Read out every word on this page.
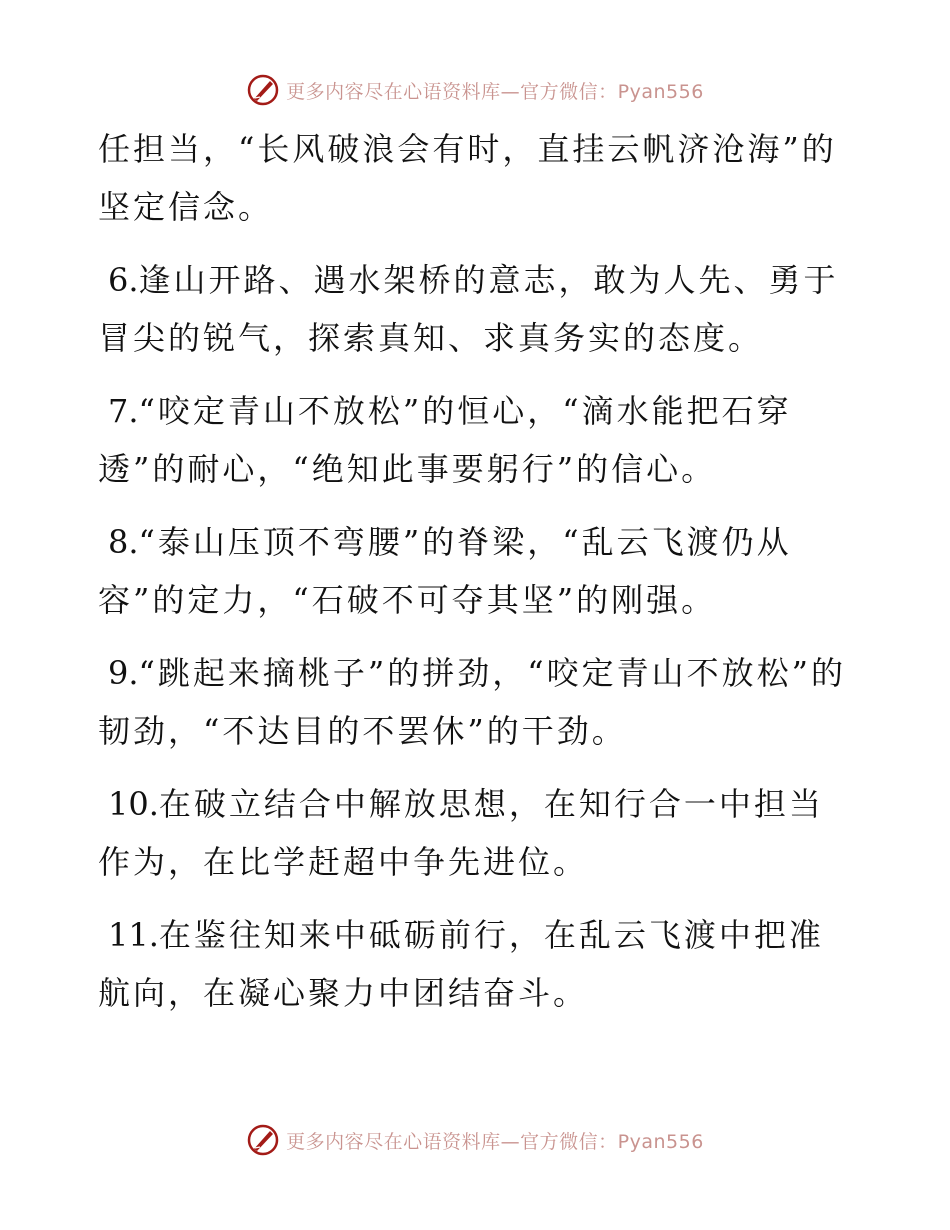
更多内容尽在心语资料库—官方微信：Pyan556

任担当，“长风破浪会有时，直挂云帆济沧海”的坚定信念。

6.逢山开路、遇水架桥的意志，敢为人先、勇于冒尖的锐气，探索真知、求真务实的态度。

7.“咬定青山不放松”的恒心，“滴水能把石穿透”的耐心，“绝知此事要躬行”的信心。

8.“泰山压顶不弯腰”的脊梁，“乱云飞渡仍从容”的定力，“石破不可夺其坚”的刚强。

9.“跳起来摘桃子”的拼劲，“咬定青山不放松”的韧劲，“不达目的不罢休”的干劲。

10.在破立结合中解放思想，在知行合一中担当作为，在比学赶超中争先进位。

11.在鉴往知来中砥砺前行，在乱云飞渡中把准航向，在凝心聚力中团结奋斗。

更多内容尽在心语资料库—官方微信：Pyan556
